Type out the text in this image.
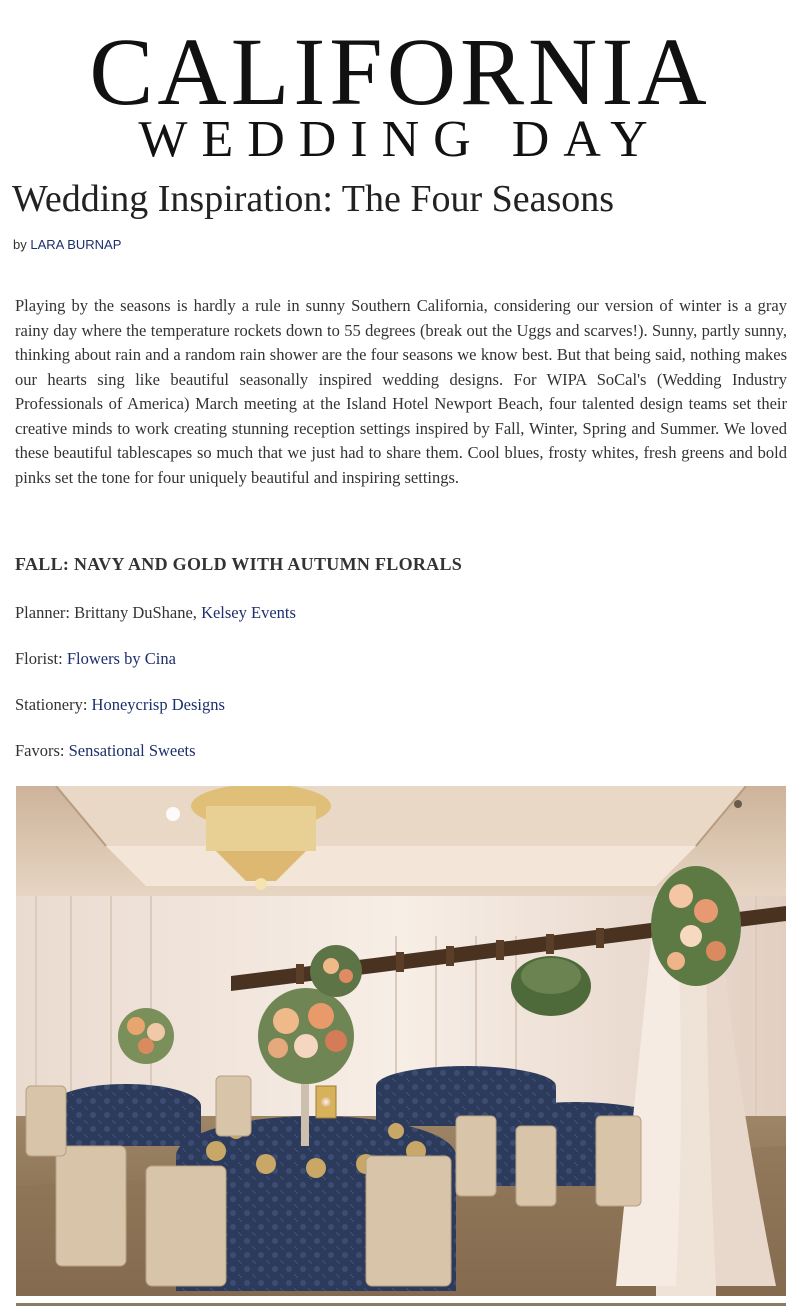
CALIFORNIA
WEDDING DAY
Wedding Inspiration: The Four Seasons
by LARA BURNAP

Playing by the seasons is hardly a rule in sunny Southern California, considering our version of winter is a gray rainy day where the temperature rockets down to 55 degrees (break out the Uggs and scarves!). Sunny, partly sunny, thinking about rain and a random rain shower are the four seasons we know best. But that being said, nothing makes our hearts sing like beautiful seasonally inspired wedding designs. For WIPA SoCal's (Wedding Industry Professionals of America) March meeting at the Island Hotel Newport Beach, four talented design teams set their creative minds to work creating stunning reception settings inspired by Fall, Winter, Spring and Summer. We loved these beautiful tablescapes so much that we just had to share them. Cool blues, frosty whites, fresh greens and bold pinks set the tone for four uniquely beautiful and inspiring settings.

FALL: NAVY AND GOLD WITH AUTUMN FLORALS
Planner: Brittany DuShane, Kelsey Events
Florist: Flowers by Cina
Stationery: Honeycrisp Designs
Favors: Sensational Sweets
